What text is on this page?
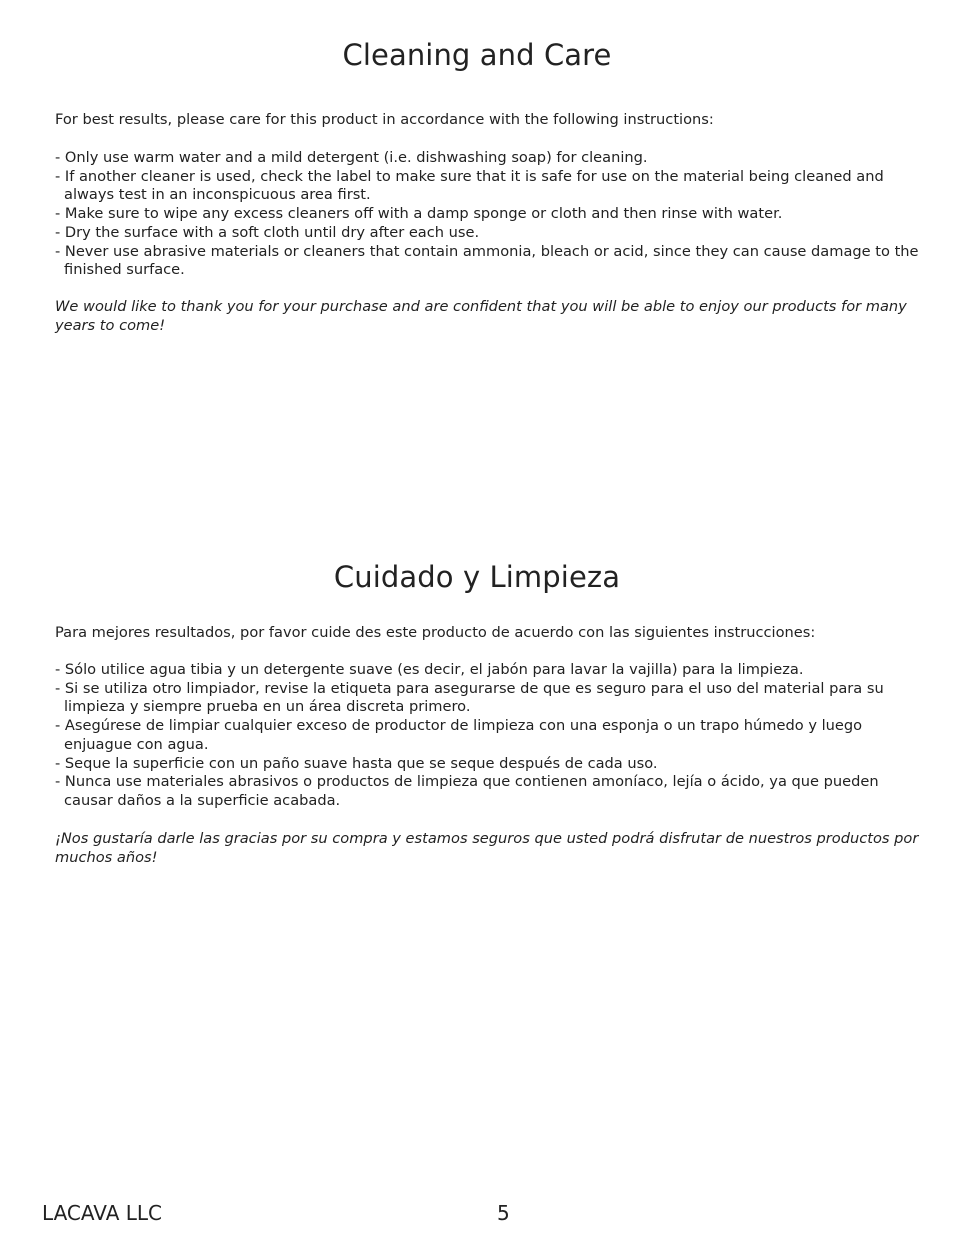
Cleaning and Care

For best results, please care for this product in accordance with the following instructions:

- Only use warm water and a mild detergent (i.e. dishwashing soap) for cleaning.
- If another cleaner is used, check the label to make sure that it is safe for use on the material being cleaned and always test in an inconspicuous area first.
- Make sure to wipe any excess cleaners off with a damp sponge or cloth and then rinse with water.
- Dry the surface with a soft cloth until dry after each use.
- Never use abrasive materials or cleaners that contain ammonia, bleach or acid, since they can cause damage to the finished surface.

We would like to thank you for your purchase and are confident that you will be able to enjoy our products for many years to come!

Cuidado y Limpieza

Para mejores resultados, por favor cuide des este producto de acuerdo con las siguientes instrucciones:

- Sólo utilice agua tibia y un detergente suave (es decir, el jabón para lavar la vajilla) para la limpieza.
- Si se utiliza otro limpiador, revise la etiqueta para asegurarse de que es seguro para el uso del material para su limpieza y siempre prueba en un área discreta primero.
- Asegúrese de limpiar cualquier exceso de productor de limpieza con una esponja o un trapo húmedo y luego enjuague con agua.
- Seque la superficie con un paño suave hasta que se seque después de cada uso.
- Nunca use materiales abrasivos o productos de limpieza que contienen amoníaco, lejía o ácido, ya que pueden causar daños a la superficie acabada.

¡Nos gustaría darle las gracias por su compra y estamos seguros que usted podrá disfrutar de nuestros productos por muchos años!

LACAVA LLC	5
